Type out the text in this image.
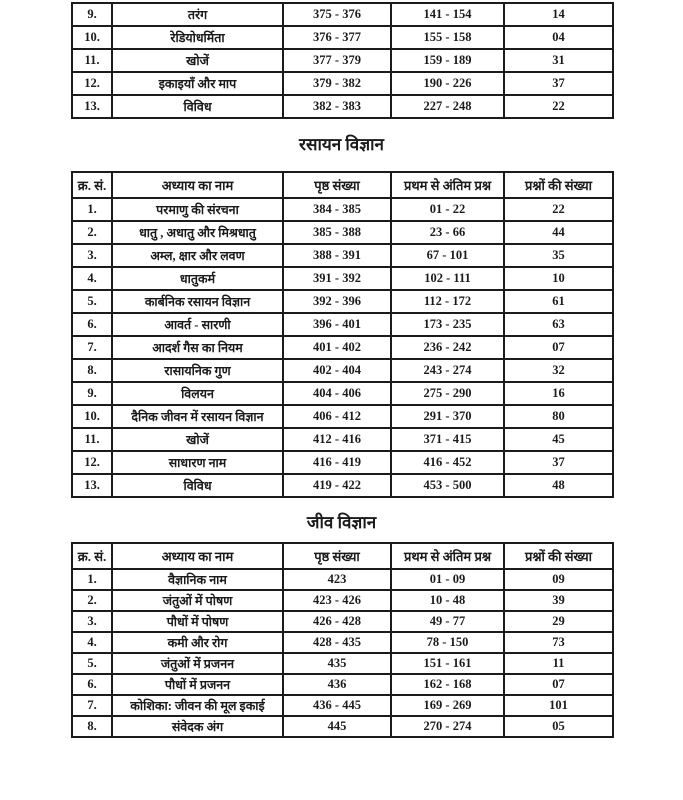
9.	तरंग	375 - 376	141 - 154	14
10.	रेडियोधर्मिता	376 - 377	155 - 158	04
11.	खोजें	377 - 379	159 - 189	31
12.	इकाइयाँ और माप	379 - 382	190 - 226	37
13.	विविध	382 - 383	227 - 248	22
रसायन विज्ञान
क्र. सं.	अध्याय का नाम	पृष्ठ संख्या	प्रथम से अंतिम प्रश्न	प्रश्नों की संख्या
1.	परमाणु की संरचना	384 - 385	01 - 22	22
2.	धातु , अधातु और मिश्रधातु	385 - 388	23 - 66	44
3.	अम्ल, क्षार और लवण	388 - 391	67 - 101	35
4.	धातुकर्म	391 - 392	102 - 111	10
5.	कार्बनिक रसायन विज्ञान	392 - 396	112 - 172	61
6.	आवर्त - सारणी	396 - 401	173 - 235	63
7.	आदर्श गैस का नियम	401 - 402	236 - 242	07
8.	रासायनिक गुण	402 - 404	243 - 274	32
9.	विलयन	404 - 406	275 - 290	16
10.	दैनिक जीवन में रसायन विज्ञान	406 - 412	291 - 370	80
11.	खोजें	412 - 416	371 - 415	45
12.	साधारण नाम	416 - 419	416 - 452	37
13.	विविध	419 - 422	453 - 500	48
जीव विज्ञान
क्र. सं.	अध्याय का नाम	पृष्ठ संख्या	प्रथम से अंतिम प्रश्न	प्रश्नों की संख्या
1.	वैज्ञानिक नाम	423	01 - 09	09
2.	जंतुओं में पोषण	423 - 426	10 - 48	39
3.	पौधों में पोषण	426 - 428	49 - 77	29
4.	कमी और रोग	428 - 435	78 - 150	73
5.	जंतुओं में प्रजनन	435	151 - 161	11
6.	पौधों में प्रजनन	436	162 - 168	07
7.	कोशिका: जीवन की मूल इकाई	436 - 445	169 - 269	101
8.	संवेदक अंग	445	270 - 274	05
